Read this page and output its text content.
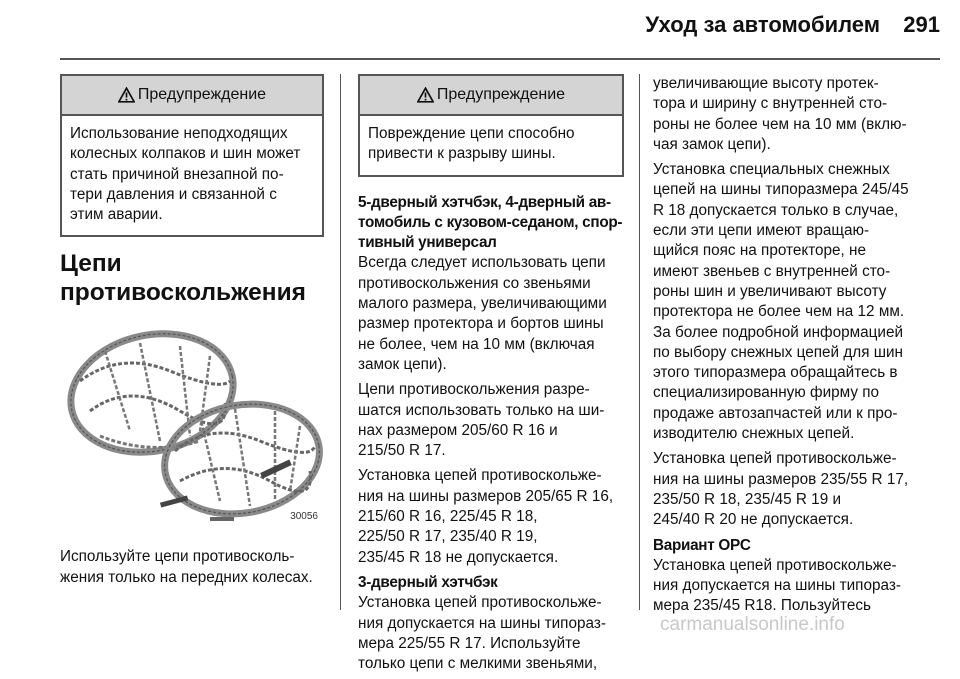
Уход за автомобилем	291
Предупреждение
Использование неподходящих
колесных колпаков и шин может
стать причиной внезапной по-
тери давления и связанной с
этим аварии.
Цепи
противоскольжения
30056
Используйте цепи противосколь-
жения только на передних колесах.
Предупреждение
Повреждение цепи способно
привести к разрыву шины.
5-дверный хэтчбэк, 4-дверный ав-
томобиль с кузовом-седаном, спор-
тивный универсал

Всегда следует использовать цепи
противоскольжения со звеньями
малого размера, увеличивающими
размер протектора и бортов шины
не более, чем на 10 мм (включая
замок цепи).

Цепи противоскольжения разре-
шатся использовать только на ши-
нах размером 205/60 R 16 и
215/50 R 17.

Установка цепей противоскольже-
ния на шины размеров 205/65 R 16,
215/60 R 16, 225/45 R 18,
225/50 R 17, 235/40 R 19,
235/45 R 18 не допускается.

3-дверный хэтчбэк

Установка цепей противоскольже-
ния допускается на шины типораз-
мера 225/55 R 17. Используйте
только цепи с мелкими звеньями,

увеличивающие высоту протек-
тора и ширину с внутренней сто-
роны не более чем на 10 мм (вклю-
чая замок цепи).

Установка специальных снежных
цепей на шины типоразмера 245/45
R 18 допускается только в случае,
если эти цепи имеют вращаю-
щийся пояс на протекторе, не
имеют звеньев с внутренней сто-
роны шин и увеличивают высоту
протектора не более чем на 12 мм.
За более подробной информацией
по выбору снежных цепей для шин
этого типоразмера обращайтесь в
специализированную фирму по
продаже автозапчастей или к про-
изводителю снежных цепей.

Установка цепей противоскольже-
ния на шины размеров 235/55 R 17,
235/50 R 18, 235/45 R 19 и
245/40 R 20 не допускается.

Вариант OPC

Установка цепей противоскольже-
ния допускается на шины типораз-
мера 235/45 R18. Пользуйтесь

carmanualsonline.info
